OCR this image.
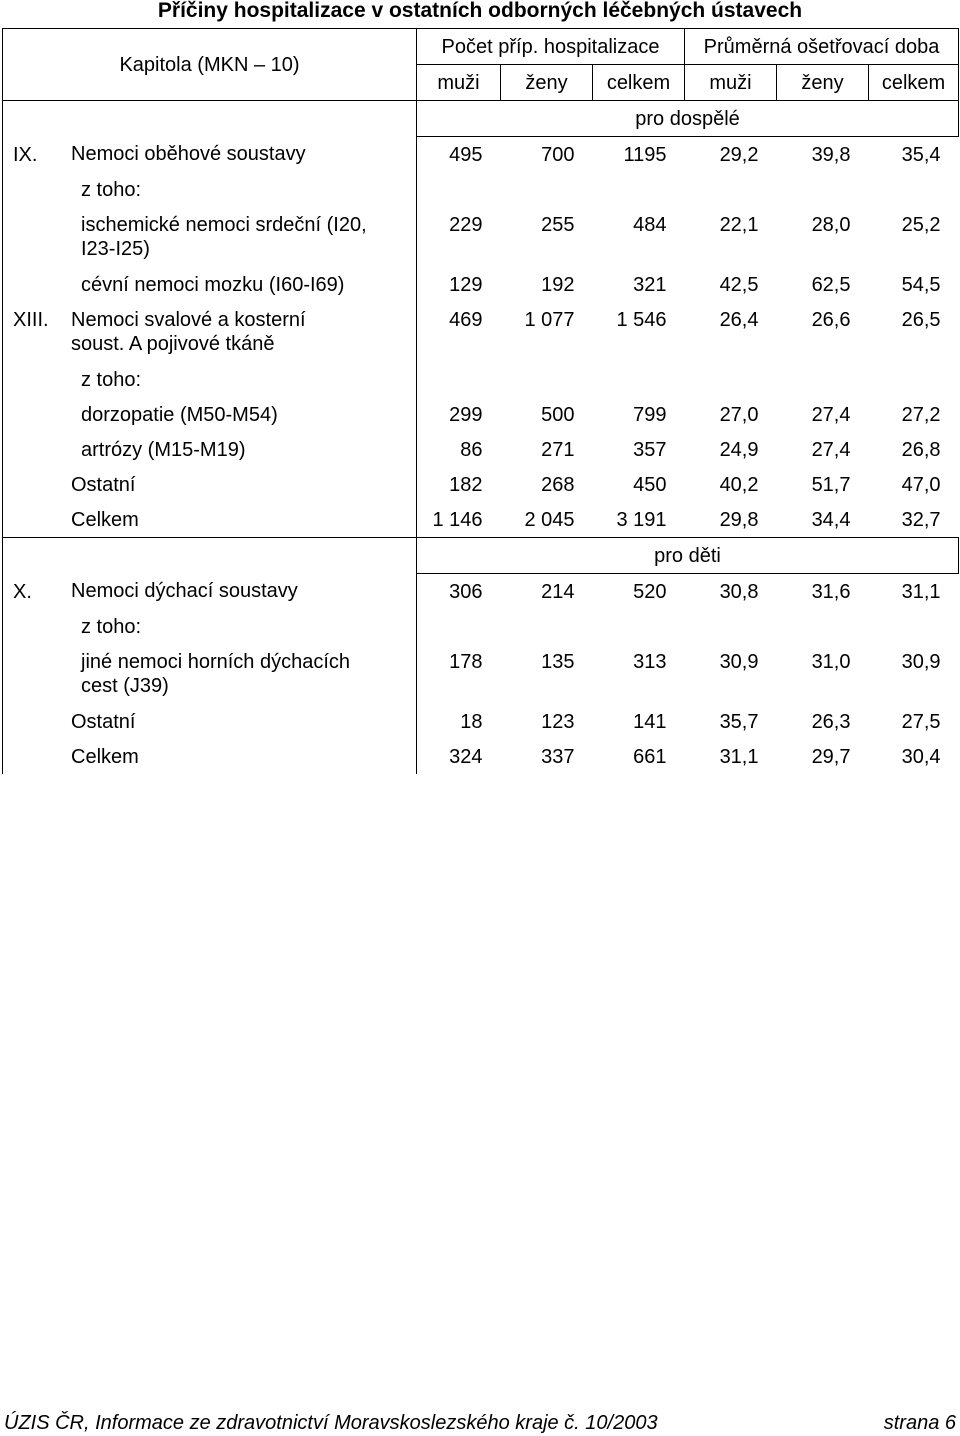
Příčiny hospitalizace v ostatních odborných léčebných ústavech
Kapitola (MKN – 10)	Počet příp. hospitalizace			Průměrná ošetřovací doba		
	muži	ženy	celkem	muži	ženy	celkem
	pro dospělé					

IX. Nemoci oběhové soustavy	495	700	1195	29,2	39,8	35,4

z toho:						

ischemické nemoci srdeční (I20, I23-I25)	229	255	484	22,1	28,0	25,2

cévní nemoci mozku (I60-I69)	129	192	321	42,5	62,5	54,5

XIII. Nemoci svalové a kosterní soust. A pojivové tkáně	469	1 077	1 546	26,4	26,6	26,5

z toho:						

dorzopatie (M50-M54)	299	500	799	27,0	27,4	27,2

artrózy (M15-M19)	86	271	357	24,9	27,4	26,8

Ostatní	182	268	450	40,2	51,7	47,0

Celkem	1 146	2 045	3 191	29,8	34,4	32,7
	pro děti					

X. Nemoci dýchací soustavy	306	214	520	30,8	31,6	31,1

z toho:						

jiné nemoci horních dýchacích cest (J39)	178	135	313	30,9	31,0	30,9

Ostatní	18	123	141	35,7	26,3	27,5

Celkem	324	337	661	31,1	29,7	30,4
ÚZIS ČR, Informace ze zdravotnictví Moravskoslezského kraje č. 10/2003	strana 6
